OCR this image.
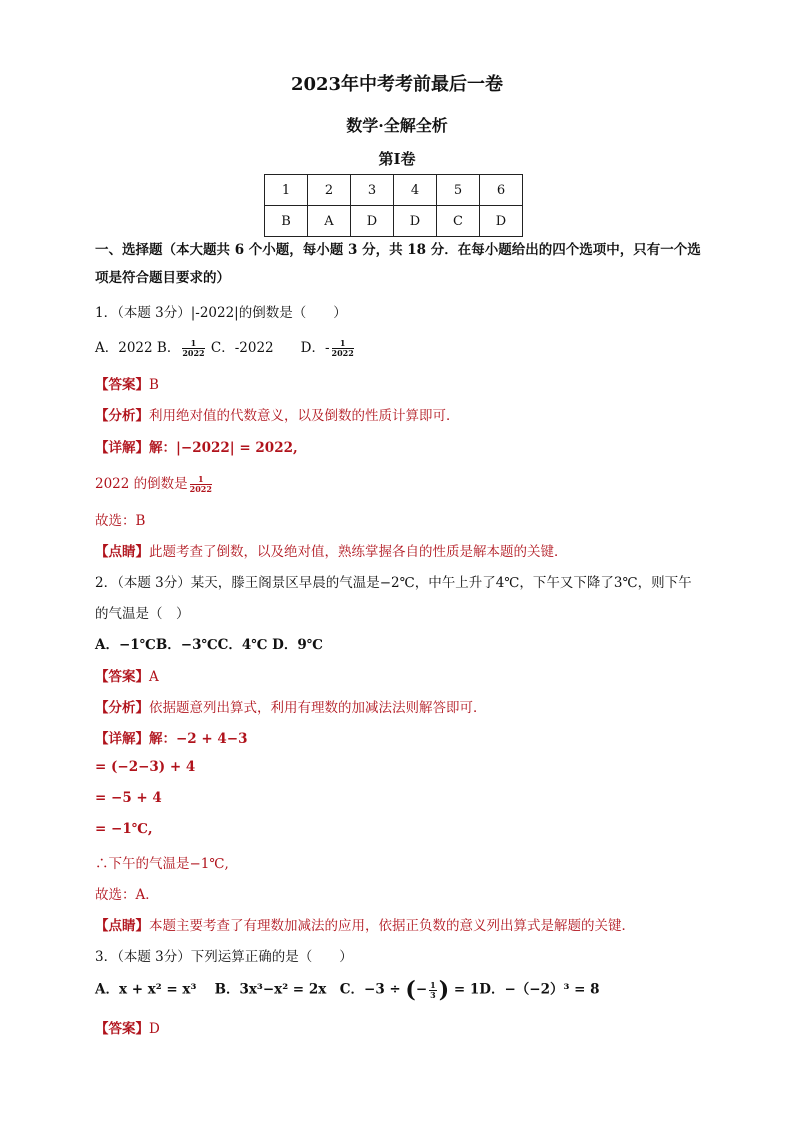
2023年中考考前最后一卷
数学·全解全析
第Ⅰ卷
1	2	3	4	5	6
B	A	D	D	C	D
一、选择题（本大题共 6 个小题，每小题 3 分，共 18 分．在每小题给出的四个选项中，只有一个选
项是符合题目要求的）
1．（本题 3分）|-2022|的倒数是（　　）
A．2022 B． $\frac{1}{2022}$ C．-2022　　D．- $\frac{1}{2022}$
【答案】B
【分析】利用绝对值的代数意义，以及倒数的性质计算即可．
【详解】解：|−2022| = 2022,
2022 的倒数是 $\frac{1}{2022}$
故选：B
【点睛】此题考查了倒数，以及绝对值，熟练掌握各自的性质是解本题的关键．
2．（本题 3分）某天，滕王阁景区早晨的气温是−2℃，中午上升了4℃，下午又下降了3℃，则下午
的气温是（　）
A．−1℃B．−3℃C．4℃ D．9℃
【答案】A
【分析】依据题意列出算式，利用有理数的加减法法则解答即可．
【详解】解：−2 + 4−3
= (−2−3) + 4
= −5 + 4
= −1℃,
∴下午的气温是−1℃,
故选：A．
【点睛】本题主要考查了有理数加减法的应用，依据正负数的意义列出算式是解题的关键．
3．（本题 3分）下列运算正确的是（　　）
A．x + x² = x³　 B．3x³−x² = 2x　C．−3 ÷ (− $\frac{1}{3}$ ) = 1D．−（−2）³ = 8
【答案】D
